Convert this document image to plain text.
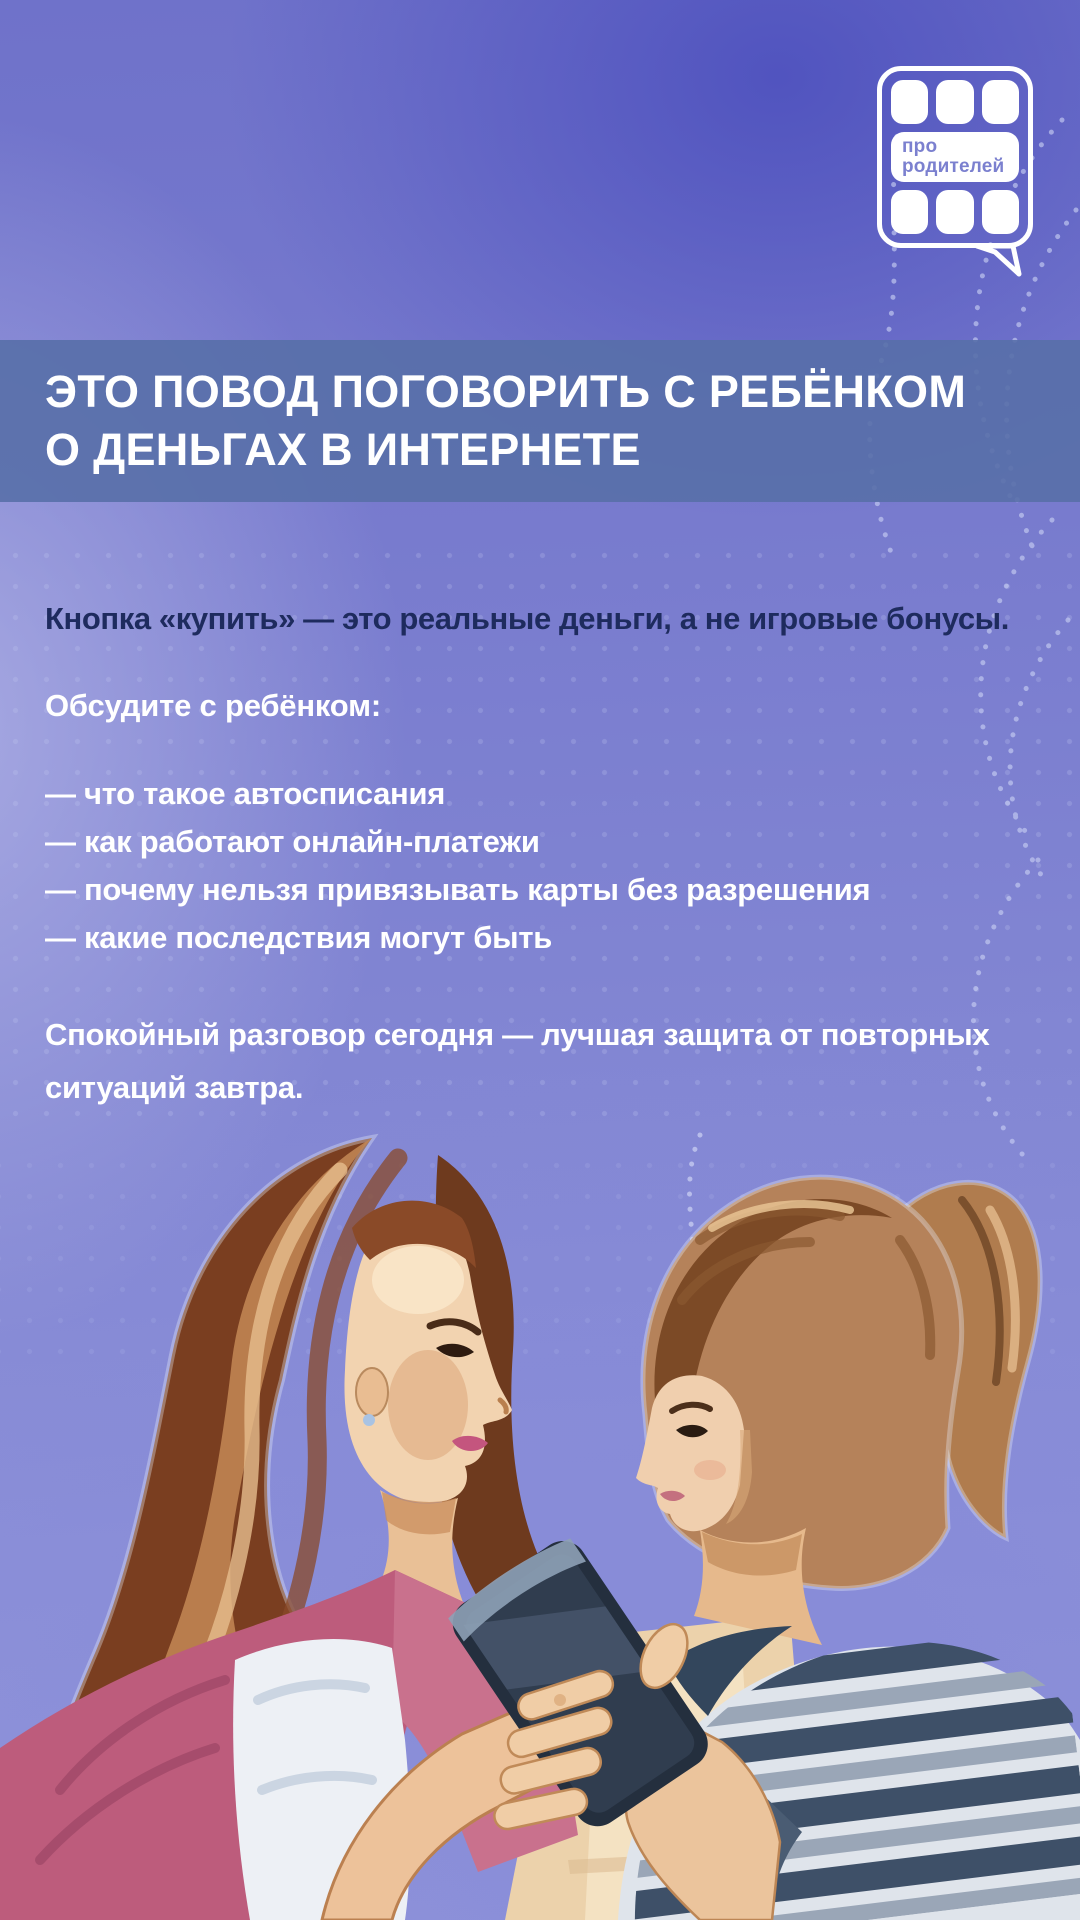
про
родителей
ЭТО ПОВОД ПОГОВОРИТЬ С РЕБЁНКОМ
О ДЕНЬГАХ В ИНТЕРНЕТЕ
Кнопка «купить» — это реальные деньги, а не игровые бонусы.
Обсудите с ребёнком:
— что такое автосписания
— как работают онлайн-платежи
— почему нельзя привязывать карты без разрешения
— какие последствия могут быть
Спокойный разговор сегодня — лучшая защита от повторных
ситуаций завтра.
